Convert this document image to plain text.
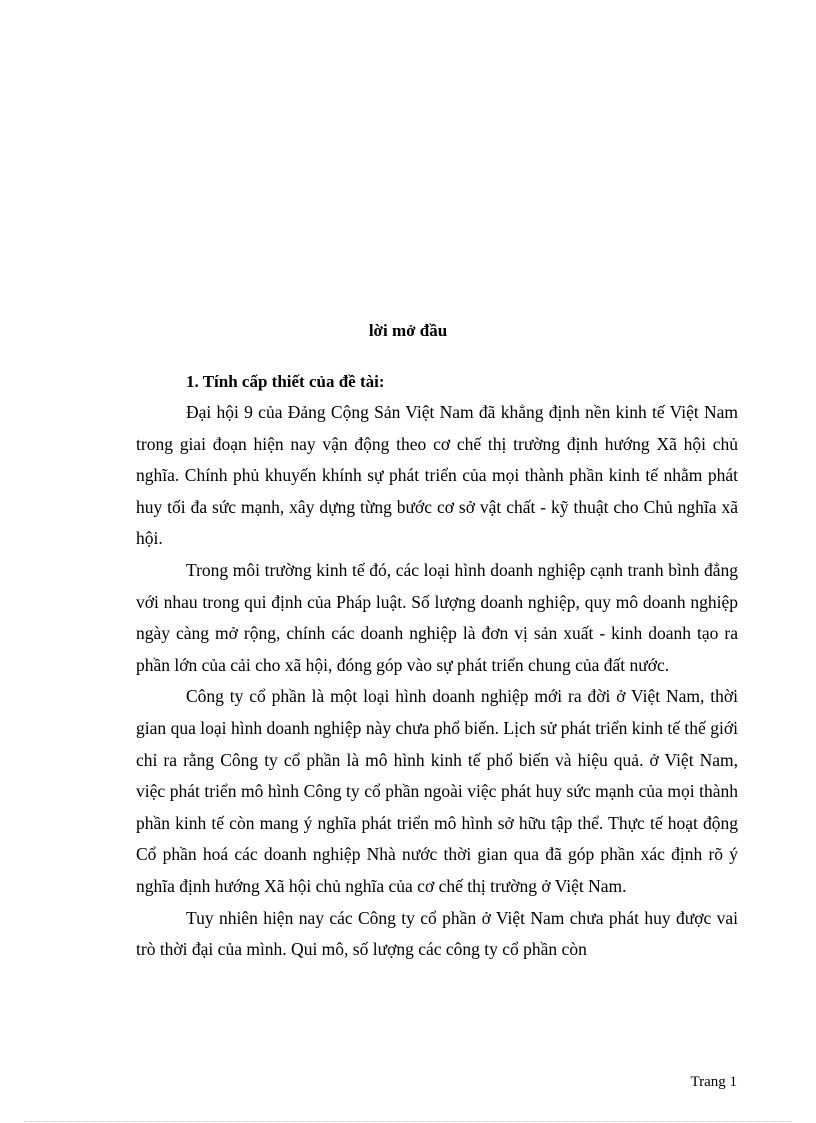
lời mở đầu
1. Tính cấp thiết của đề tài:

Đại hội 9 của Đảng Cộng Sản Việt Nam đã khẳng định nền kinh tế Việt Nam trong giai đoạn hiện nay vận động theo cơ chế thị trường định hướng Xã hội chủ nghĩa. Chính phủ khuyến khính sự phát triển của mọi thành phần kinh tế nhằm phát huy tối đa sức mạnh, xây dựng từng bước cơ sở vật chất - kỹ thuật cho Chủ nghĩa xã hội.

Trong môi trường kinh tế đó, các loại hình doanh nghiệp cạnh tranh bình đẳng với nhau trong qui định của Pháp luật. Số lượng doanh nghiệp, quy mô doanh nghiệp ngày càng mở rộng, chính các doanh nghiệp là đơn vị sản xuất - kinh doanh tạo ra phần lớn của cải cho xã hội, đóng góp vào sự phát triển chung của đất nước.

Công ty cổ phần là một loại hình doanh nghiệp mới ra đời ở Việt Nam, thời gian qua loại hình doanh nghiệp này chưa phổ biến. Lịch sử phát triển kinh tế thế giới chỉ ra rằng Công ty cổ phần là mô hình kinh tế phổ biến và hiệu quả. ở Việt Nam, việc phát triển mô hình Công ty cổ phần ngoài việc phát huy sức mạnh của mọi thành phần kinh tế còn mang ý nghĩa phát triển mô hình sở hữu tập thể. Thực tế hoạt động Cổ phần hoá các doanh nghiệp Nhà nước thời gian qua đã góp phần xác định rõ ý nghĩa định hướng Xã hội chủ nghĩa của cơ chế thị trường ở Việt Nam.

Tuy nhiên hiện nay các Công ty cổ phần ở Việt Nam chưa phát huy được vai trò thời đại của mình. Qui mô, số lượng các công ty cổ phần còn

Trang 1
